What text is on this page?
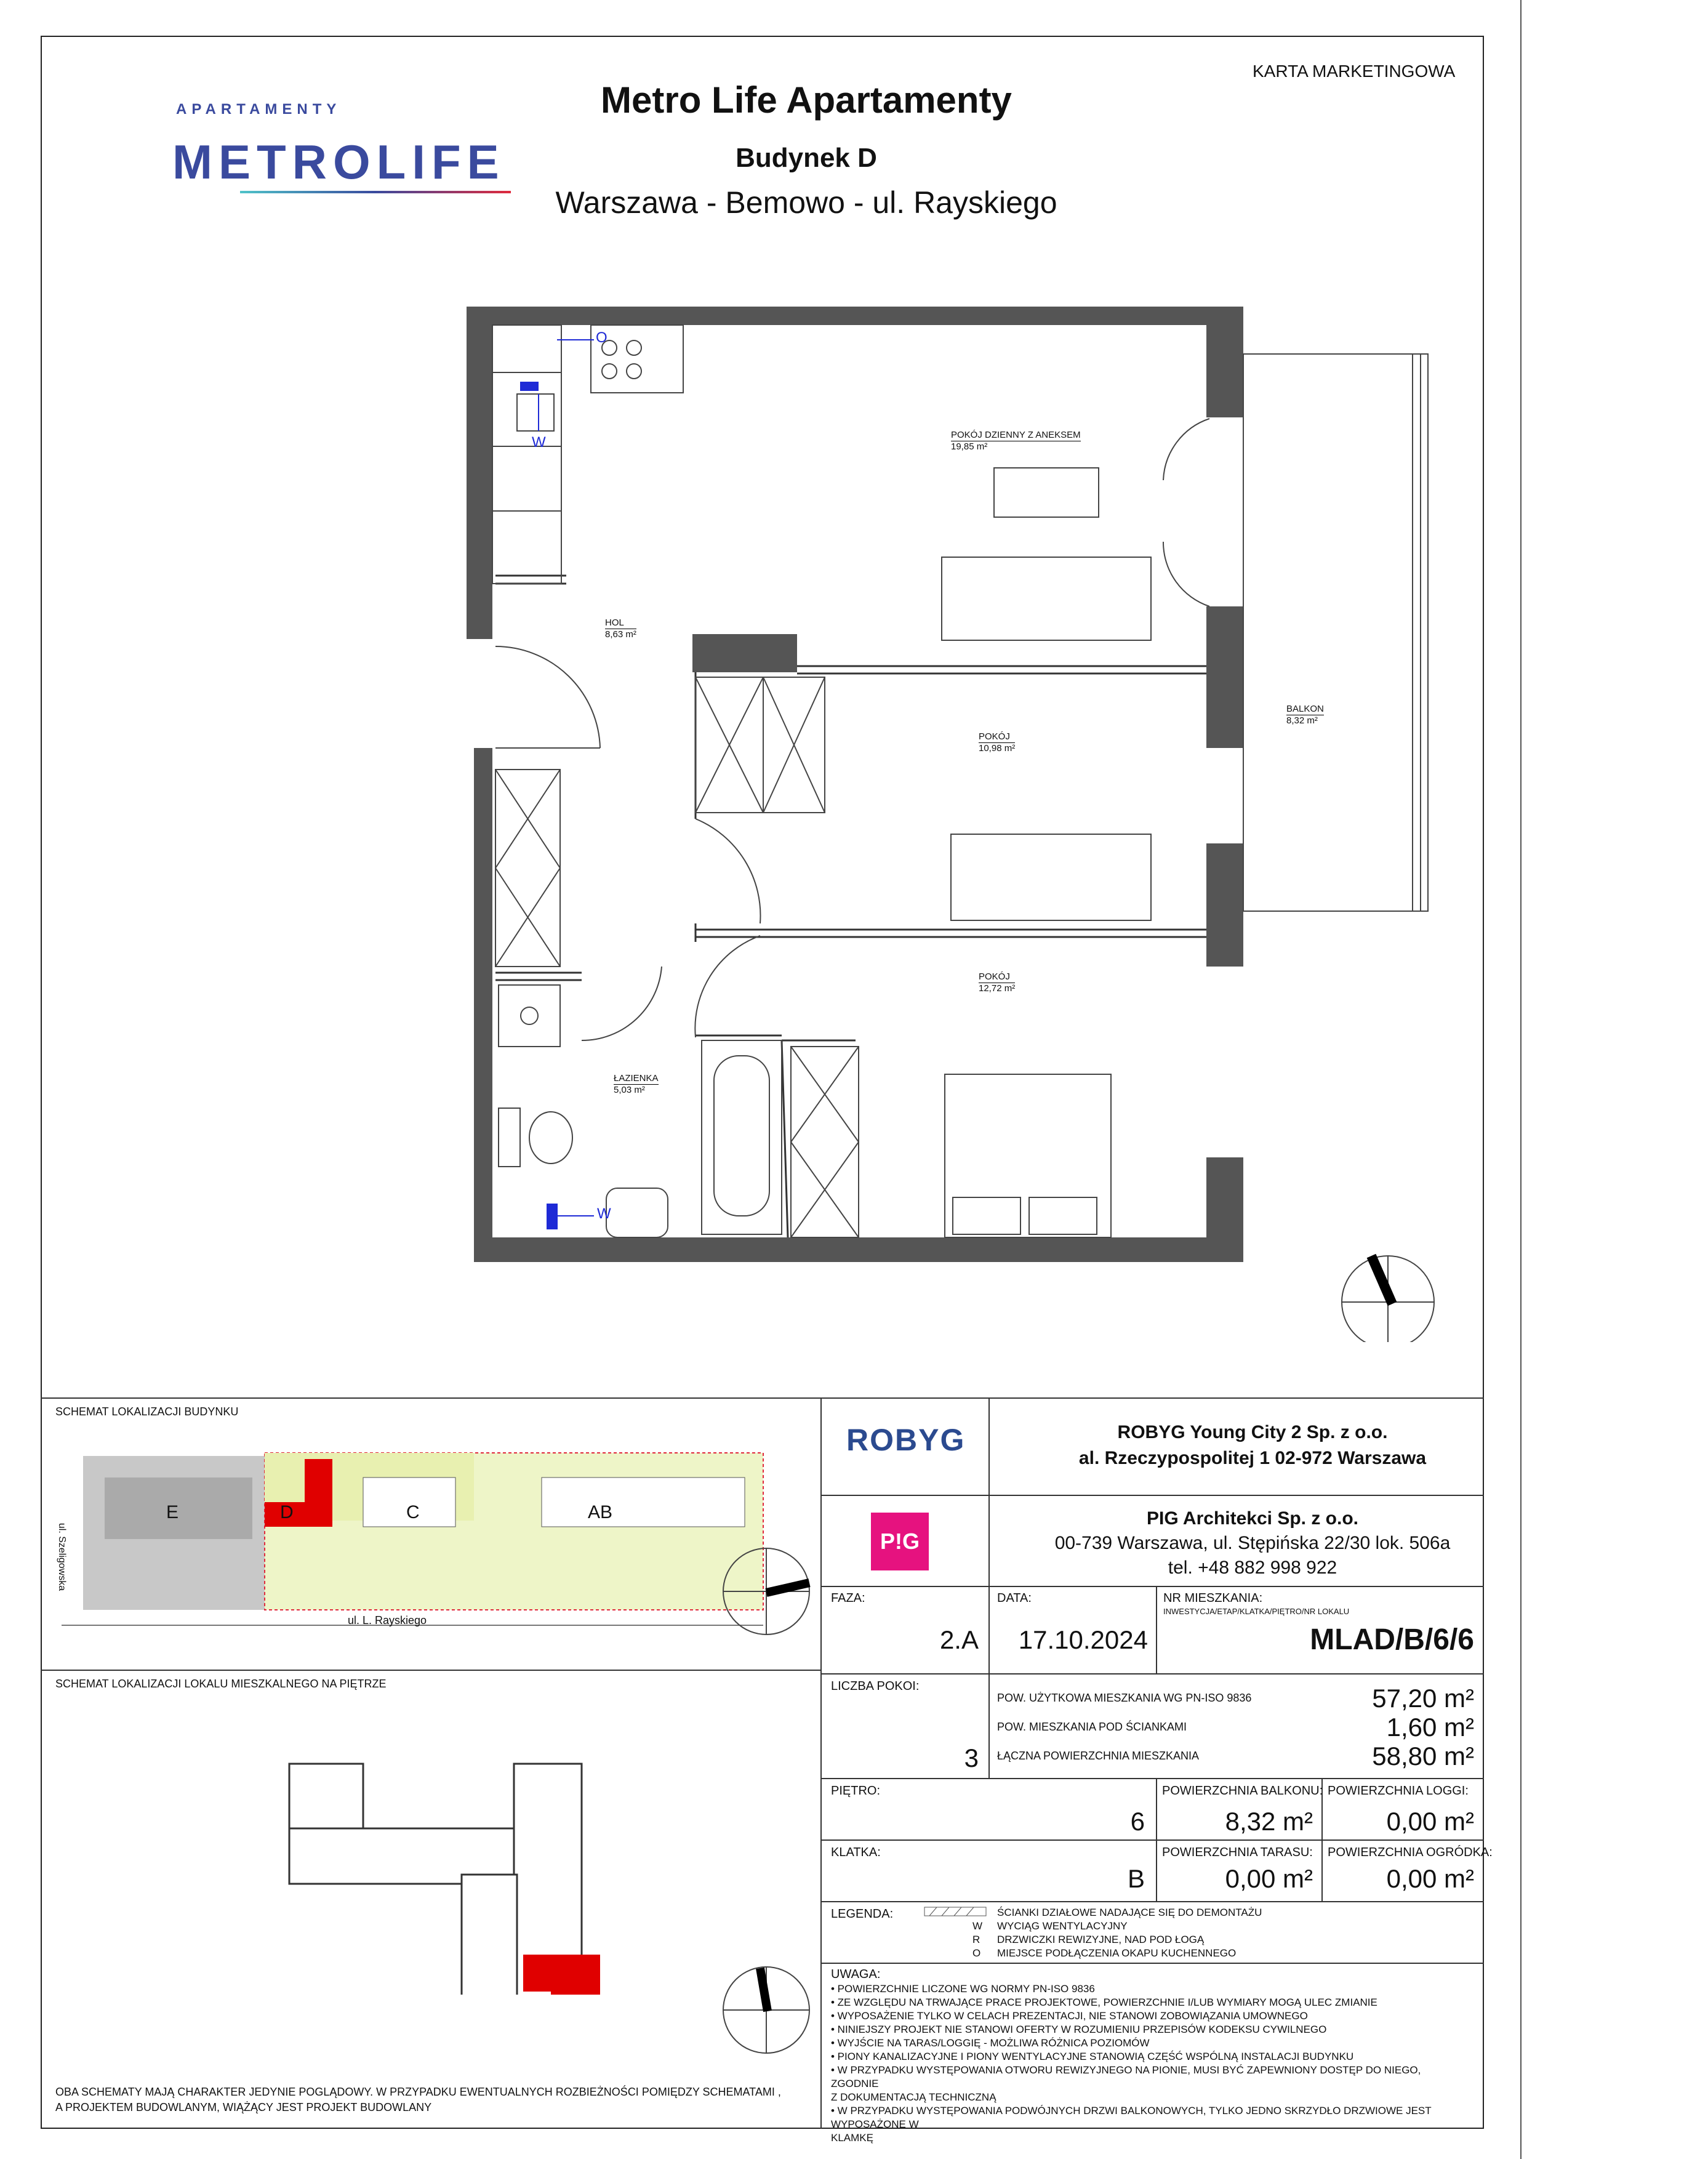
KARTA MARKETINGOWA
APARTAMENTY
METROLIFE
Metro Life Apartamenty
Budynek D
Warszawa - Bemowo - ul. Rayskiego
O
W
W
POKÓJ DZIENNY Z ANEKSEM
19,85 m²
HOL
8,63 m²
POKÓJ
10,98 m²
BALKON
8,32 m²
POKÓJ
12,72 m²
ŁAZIENKA
5,03 m²
SCHEMAT LOKALIZACJI BUDYNKU
E	D	C	AB
ul. L. Rayskiego
ul. Szeligowska
SCHEMAT LOKALIZACJI LOKALU MIESZKALNEGO NA PIĘTRZE
OBA SCHEMATY MAJĄ CHARAKTER JEDYNIE POGLĄDOWY. W PRZYPADKU EWENTUALNYCH ROZBIEŻNOŚCI POMIĘDZY SCHEMATAMI ,
A PROJEKTEM BUDOWLANYM, WIĄŻĄCY JEST PROJEKT BUDOWLANY
ROBYG	ROBYG Young City 2 Sp. z o.o.
al. Rzeczypospolitej 1 02-972 Warszawa
P!G
PIG Architekci Sp. z o.o.
00-739 Warszawa, ul. Stępińska 22/30 lok. 506a
tel. +48 882 998 922
FAZA:
2.A
DATA:
17.10.2024
NR MIESZKANIA:
INWESTYCJA/ETAP/KLATKA/PIĘTRO/NR LOKALU
MLAD/B/6/6
LICZBA POKOI:
3
POW. UŻYTKOWA MIESZKANIA WG PN-ISO 9836	57,20 m²
POW. MIESZKANIA POD ŚCIANKAMI	1,60 m²
ŁĄCZNA POWIERZCHNIA MIESZKANIA	58,80 m²
PIĘTRO:
6
POWIERZCHNIA BALKONU:
8,32 m²
POWIERZCHNIA LOGGI:
0,00 m²
KLATKA:
B
POWIERZCHNIA TARASU:
0,00 m²
POWIERZCHNIA OGRÓDKA:
0,00 m²
LEGENDA:	ŚCIANKI DZIAŁOWE NADAJĄCE SIĘ DO DEMONTAŻU
W WYCIĄG WENTYLACYJNY
R DRZWICZKI REWIZYJNE, NAD POD ŁOGĄ
O MIEJSCE PODŁĄCZENIA OKAPU KUCHENNEGO
UWAGA:
• POWIERZCHNIE LICZONE WG NORMY PN-ISO 9836
• ZE WZGLĘDU NA TRWAJĄCE PRACE PROJEKTOWE, POWIERZCHNIE I/LUB WYMIARY MOGĄ ULEC ZMIANIE
• WYPOSAŻENIE TYLKO W CELACH PREZENTACJI, NIE STANOWI ZOBOWIĄZANIA UMOWNEGO
• NINIEJSZY PROJEKT NIE STANOWI OFERTY W ROZUMIENIU PRZEPISÓW KODEKSU CYWILNEGO
• WYJŚCIE NA TARAS/LOGGIĘ - MOŻLIWA RÓŻNICA POZIOMÓW
• PIONY KANALIZACYJNE I PIONY WENTYLACYJNE STANOWIĄ CZĘŚĆ WSPÓLNĄ INSTALACJI BUDYNKU
• W PRZYPADKU WYSTĘPOWANIA OTWORU REWIZYJNEGO NA PIONIE, MUSI BYĆ ZAPEWNIONY DOSTĘP DO NIEGO, ZGODNIE
Z DOKUMENTACJĄ TECHNICZNĄ
• W PRZYPADKU WYSTĘPOWANIA PODWÓJNYCH DRZWI BALKONOWYCH, TYLKO JEDNO SKRZYDŁO DRZWIOWE JEST WYPOSAŻONE W
KLAMKĘ
